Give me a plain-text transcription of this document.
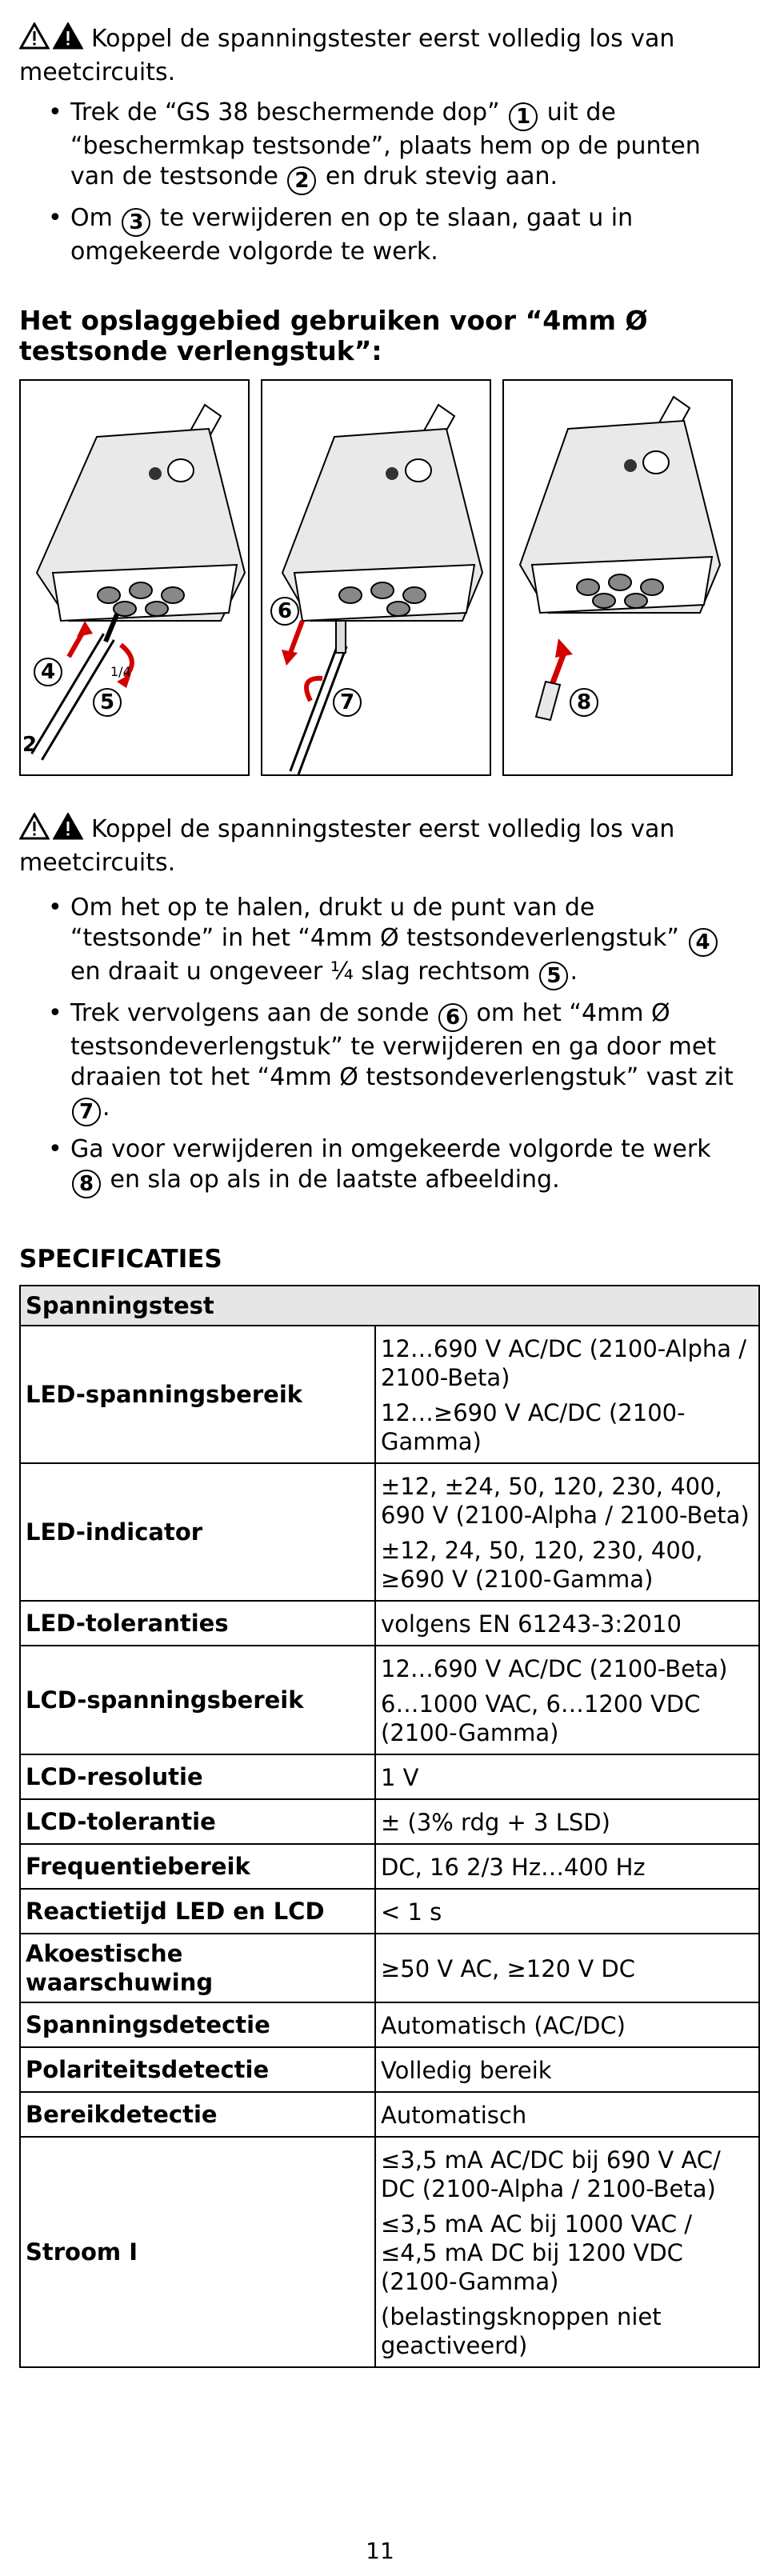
Koppel de spanningstester eerst volledig los van meetcircuits.

• Trek de “GS 38 beschermende dop” 1 uit de “beschermkap testsonde”, plaats hem op de punten van de testsonde 2 en druk stevig aan.
• Om 3 te verwijderen en op te slaan, gaat u in omgekeerde volgorde te werk.
Het opslaggebied gebruiken voor “4mm Ø testsonde verlengstuk”:
4
5
1/4
2
6
7	8

Koppel de spanningstester eerst volledig los van meetcircuits.

• Om het op te halen, drukt u de punt van de “testsonde” in het “4mm Ø testsondeverlengstuk” 4 en draait u ongeveer ¼ slag rechtsom 5 .
• Trek vervolgens aan de sonde 6 om het “4mm Ø testsondeverlengstuk” te verwijderen en ga door met draaien tot het “4mm Ø testsondeverlengstuk” vast zit 7 .
• Ga voor verwijderen in omgekeerde volgorde te werk 8 en sla op als in de laatste afbeelding.
SPECIFICATIES
Spanningstest	
LED-spanningsbereik	12…690 V AC/DC (2100-Alpha / 2100-Beta)

12…≥690 V AC/DC (2100-Gamma)

LED-indicator	±12, ±24, 50, 120, 230, 400, 690 V (2100-Alpha / 2100-Beta)

±12, 24, 50, 120, 230, 400, ≥690 V (2100-Gamma)

LED-toleranties	volgens EN 61243-3:2010

LCD-spanningsbereik	12…690 V AC/DC (2100-Beta)

6…1000 VAC, 6…1200 VDC (2100-Gamma)

LCD-resolutie	1 V

LCD-tolerantie	± (3% rdg + 3 LSD)

Frequentiebereik	DC, 16 2/3 Hz…400 Hz

Reactietijd LED en LCD	< 1 s

Akoestische waarschuwing	≥50 V AC, ≥120 V DC

Spanningsdetectie	Automatisch (AC/DC)

Polariteitsdetectie	Volledig bereik

Bereikdetectie	Automatisch

Stroom I	≤3,5 mA AC/DC bij 690 V AC/ DC (2100-Alpha / 2100-Beta)

≤3,5 mA AC bij 1000 VAC / ≤4,5 mA DC bij 1200 VDC (2100-Gamma)

(belastingsknoppen niet geactiveerd)

11
